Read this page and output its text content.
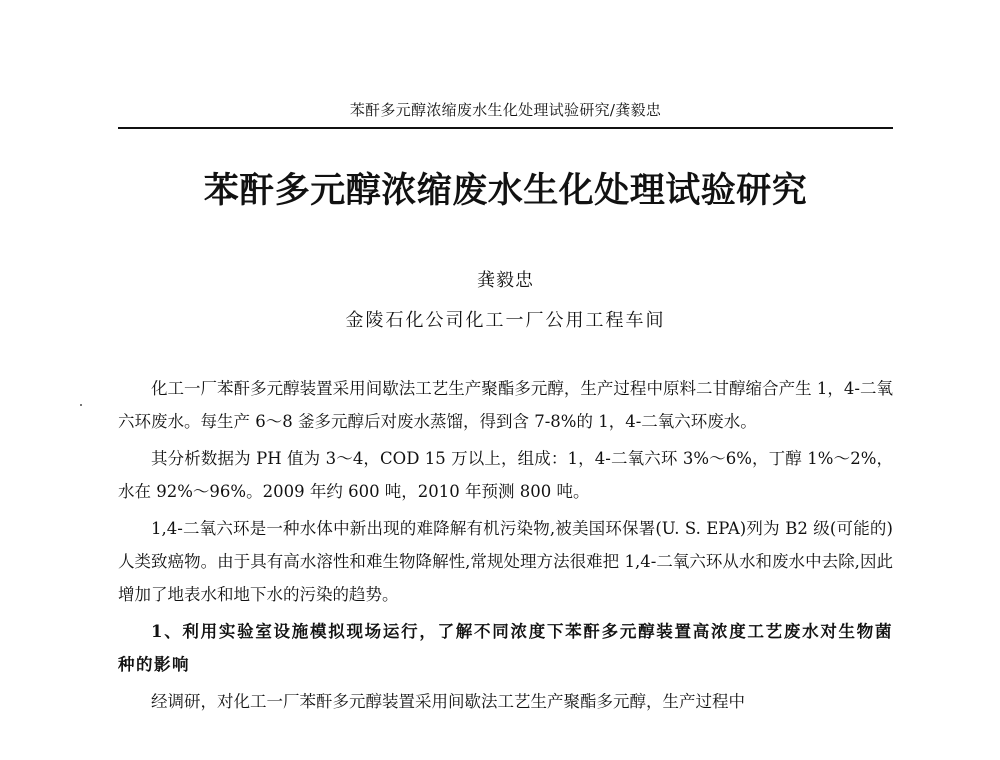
苯酐多元醇浓缩废水生化处理试验研究/龚毅忠
苯酐多元醇浓缩废水生化处理试验研究
龚毅忠
金陵石化公司化工一厂公用工程车间

化工一厂苯酐多元醇装置采用间歇法工艺生产聚酯多元醇，生产过程中原料二甘醇缩合产生 1，4-二氧六环废水。每生产 6～8 釜多元醇后对废水蒸馏，得到含 7-8%的 1，4-二氧六环废水。

其分析数据为 PH 值为 3～4，COD 15 万以上，组成：1，4-二氧六环 3%～6%，丁醇 1%～2%，水在 92%～96%。2009 年约 600 吨，2010 年预测 800 吨。

1,4-二氧六环是一种水体中新出现的难降解有机污染物,被美国环保署(U. S. EPA)列为 B2 级(可能的)人类致癌物。由于具有高水溶性和难生物降解性,常规处理方法很难把 1,4-二氧六环从水和废水中去除,因此增加了地表水和地下水的污染的趋势。

1、利用实验室设施模拟现场运行，了解不同浓度下苯酐多元醇装置高浓度工艺废水对生物菌种的影响

经调研，对化工一厂苯酐多元醇装置采用间歇法工艺生产聚酯多元醇，生产过程中
